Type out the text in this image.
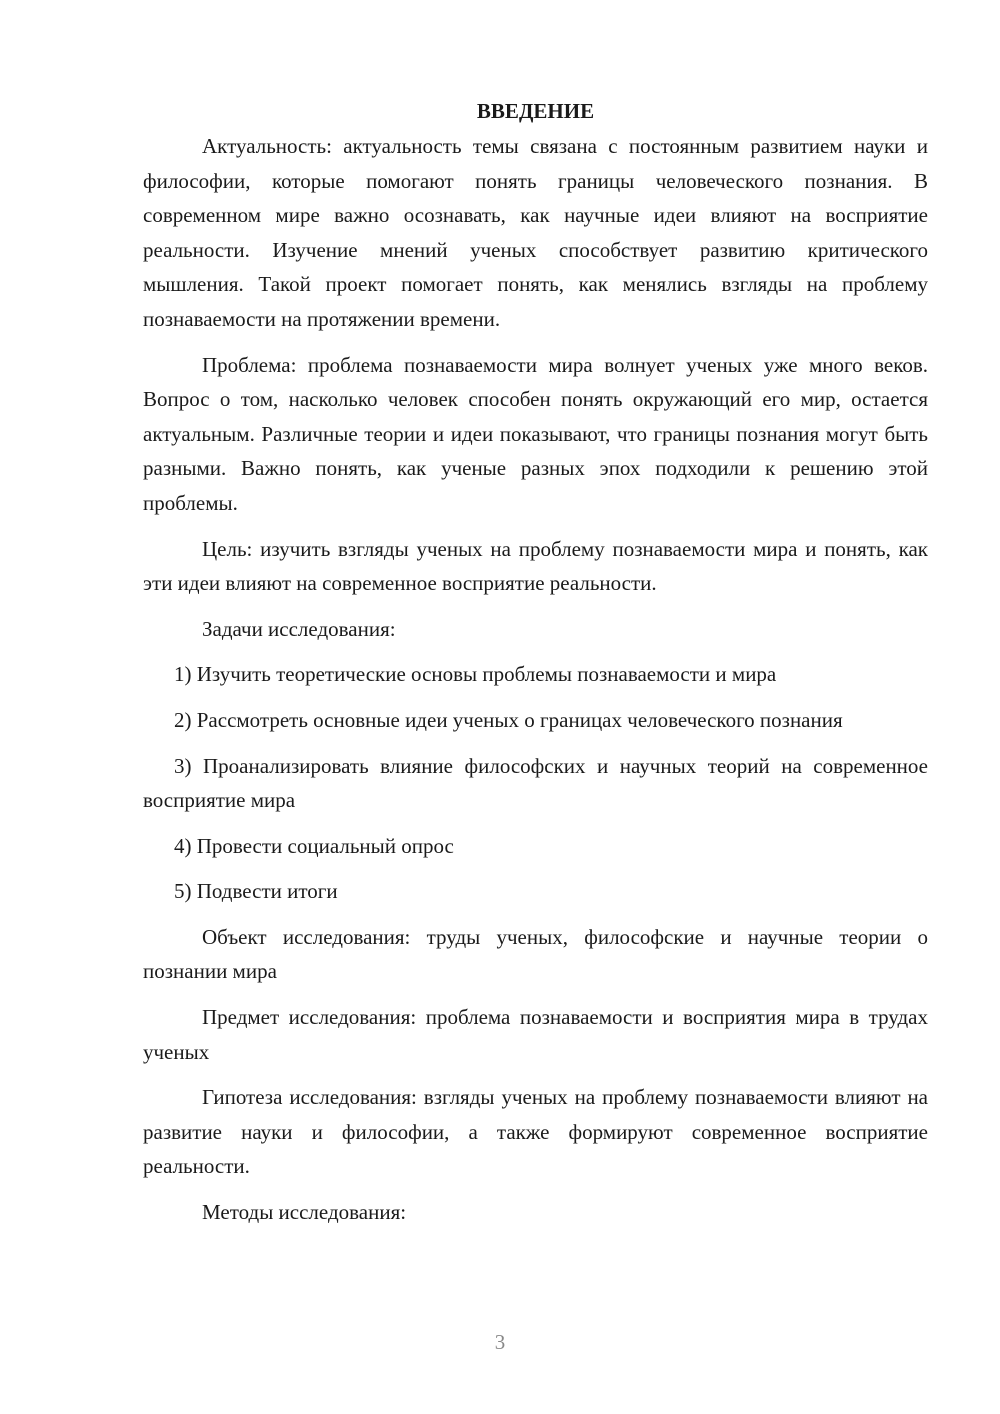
ВВЕДЕНИЕ

Актуальность: актуальность темы связана с постоянным развитием науки и философии, которые помогают понять границы человеческого познания. В современном мире важно осознавать, как научные идеи влияют на восприятие реальности. Изучение мнений ученых способствует развитию критического мышления. Такой проект помогает понять, как менялись взгляды на проблему познаваемости на протяжении времени.

Проблема: проблема познаваемости мира волнует ученых уже много веков. Вопрос о том, насколько человек способен понять окружающий его мир, остается актуальным. Различные теории и идеи показывают, что границы познания могут быть разными. Важно понять, как ученые разных эпох подходили к решению этой проблемы.

Цель: изучить взгляды ученых на проблему познаваемости мира и понять, как эти идеи влияют на современное восприятие реальности.

Задачи исследования:

1) Изучить теоретические основы проблемы познаваемости и мира

2) Рассмотреть основные идеи ученых о границах человеческого познания

3) Проанализировать влияние философских и научных теорий на современное восприятие мира

4) Провести социальный опрос

5) Подвести итоги

Объект исследования: труды ученых, философские и научные теории о познании мира

Предмет исследования: проблема познаваемости и восприятия мира в трудах ученых

Гипотеза исследования: взгляды ученых на проблему познаваемости влияют на развитие науки и философии, а также формируют современное восприятие реальности.

Методы исследования:

3
